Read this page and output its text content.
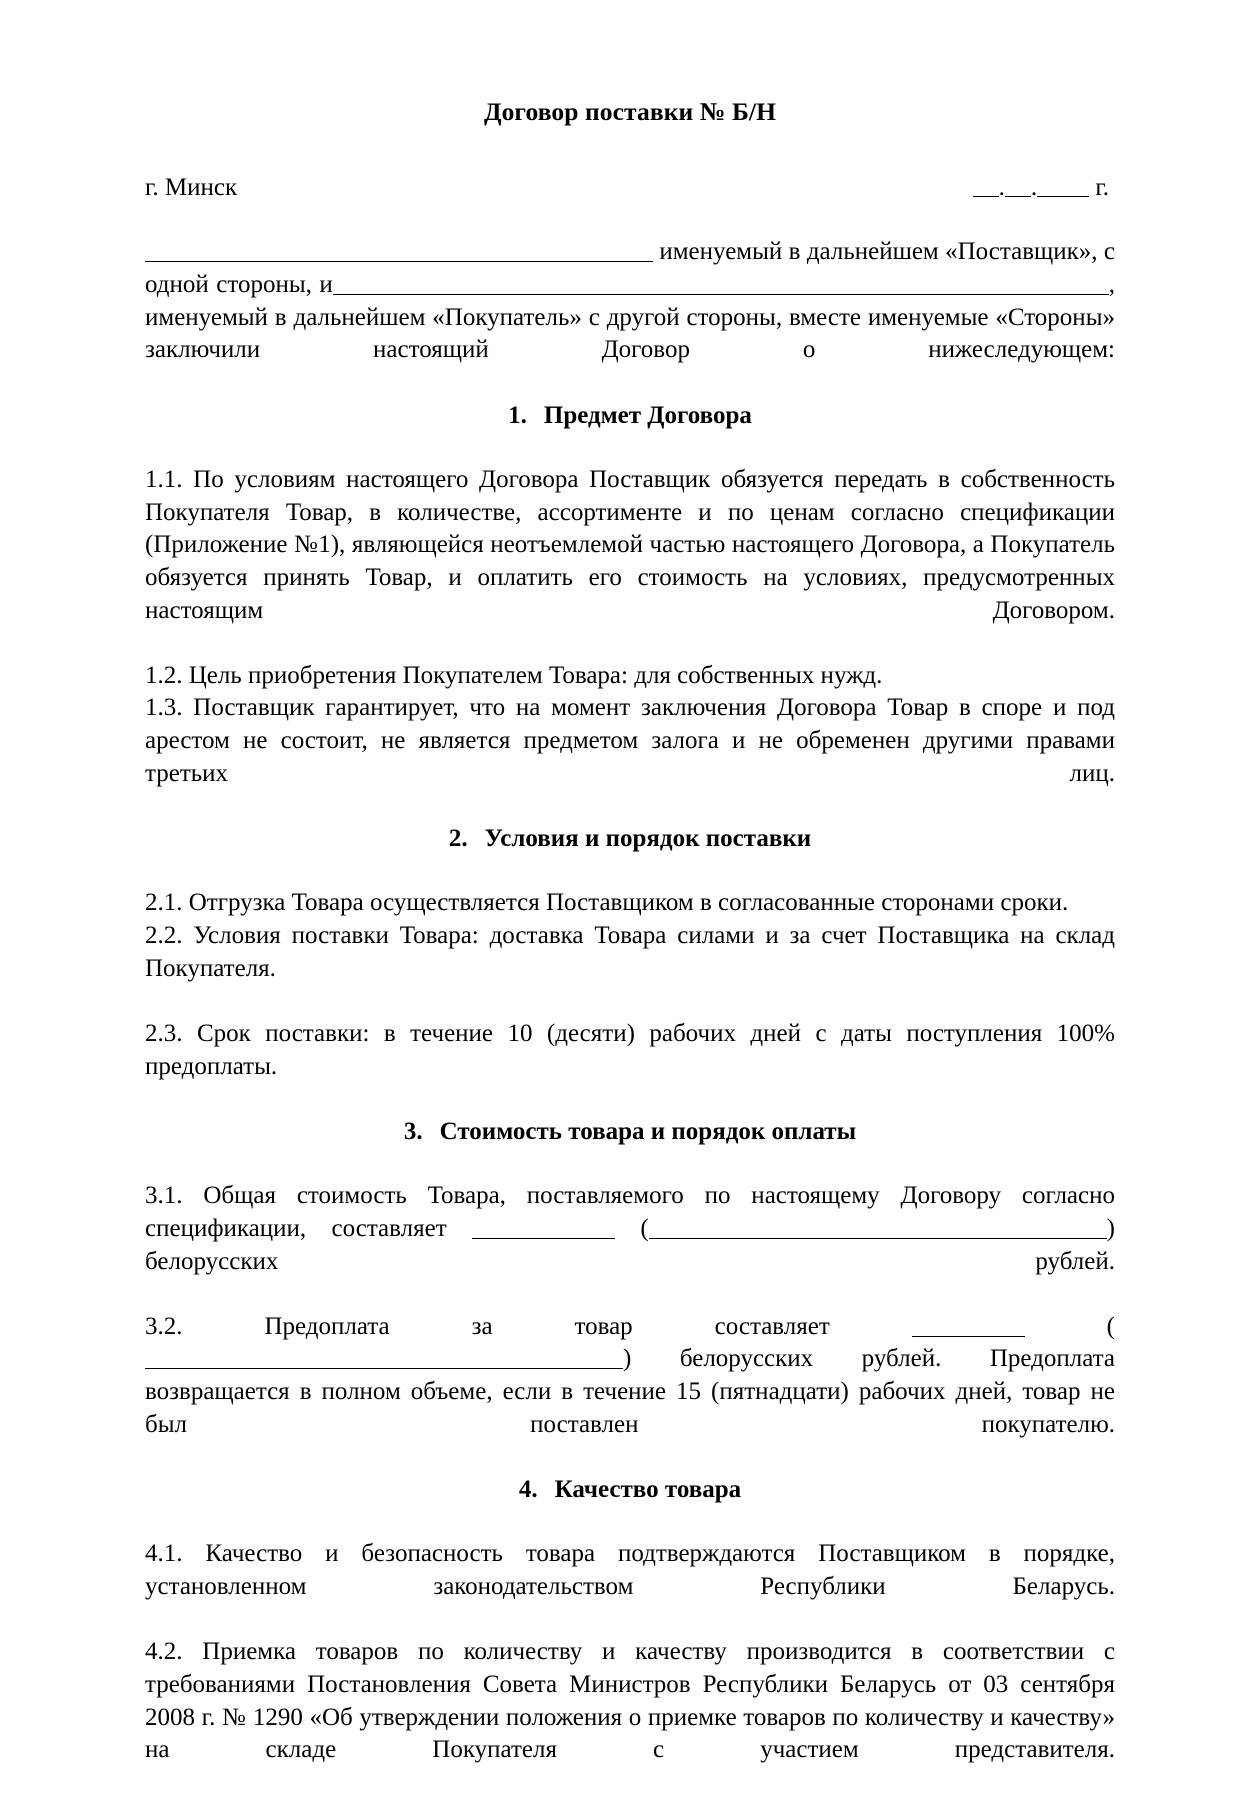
Договор поставки № Б/Н
г. Минск	. . г.

именуемый в дальнейшем «Поставщик», с одной стороны, и	, именуемый в дальнейшем «Покупатель» с другой стороны, вместе именуемые «Стороны» заключили	настоящий Договор о нижеследующем:

1. Предмет Договора

1.1. По условиям настоящего Договора Поставщик обязуется передать в собственность Покупателя Товар, в количестве, ассортименте и по ценам согласно спецификации (Приложение №1), являющейся неотъемлемой частью настоящего Договора, а Покупатель обязуется принять Товар, и оплатить его стоимость на условиях, предусмотренных настоящим Договором.

1.2. Цель приобретения Покупателем Товара: для собственных нужд.

1.3. Поставщик гарантирует, что на момент заключения Договора Товар в споре и под арестом не состоит, не является предметом залога и не обременен другими правами третьих лиц.

2. Условия и порядок поставки

2.1. Отгрузка Товара осуществляется Поставщиком в согласованные сторонами сроки.

2.2. Условия поставки Товара: доставка Товара силами и за счет Поставщика на склад Покупателя.

2.3. Срок поставки: в течение 10 (десяти) рабочих дней с даты поступления 100% предоплаты.

3. Стоимость товара и порядок оплаты

3.1. Общая стоимость Товара, поставляемого по настоящему Договору согласно спецификации, составляет	(	) белорусских рублей.

3.2. Предоплата за товар составляет	() белорусских рублей. Предоплата возвращается в полном объеме, если в течение 15 (пятнадцати) рабочих дней, товар не был поставлен покупателю.

4. Качество товара

4.1. Качество и безопасность товара подтверждаются Поставщиком в порядке, установленном законодательством Республики Беларусь.

4.2. Приемка товаров по количеству и качеству производится в соответствии с требованиями Постановления Совета Министров Республики Беларусь от 03 сентября 2008 г. № 1290 «Об утверждении положения о приемке товаров по количеству и качеству» на складе Покупателя с участием представителя.
